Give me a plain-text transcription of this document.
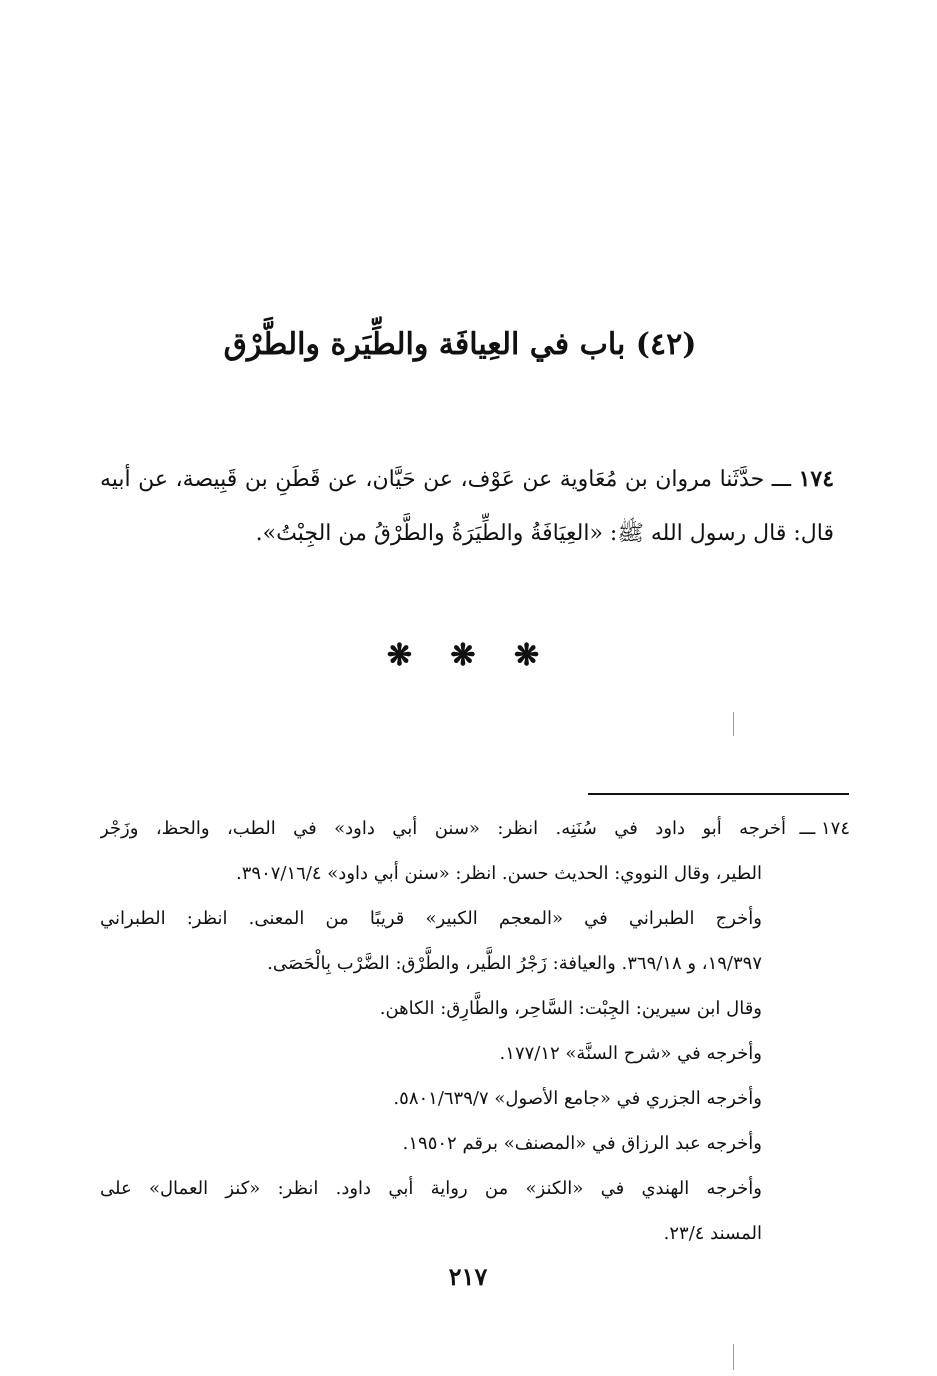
(٤٢) باب في العِيافَة والطِّيَرة والطَّرْق
١٧٤ ـــ حدَّثَنا مروان بن مُعَاوية عن عَوْف، عن حَيَّان، عن قَطَنِ بن قَبِيصة، عن أبيه قال: قال رسول الله ﷺ: «العِيَافَةُ والطِّيَرَةُ والطَّرْقُ من الجِبْتُ».
❋ ❋ ❋
١٧٤ ـــ
أخرجه أبو داود في سُنَنِه. انظر: «سنن أبي داود» في الطب، والحظ، وزَجْر
الطير، وقال النووي: الحديث حسن. انظر: «سنن أبي داود» ٣٩٠٧/١٦/٤.
وأخرج الطبراني في «المعجم الكبير» قريبًا من المعنى. انظر: الطبراني
١٩/٣٩٧، و ٣٦٩/١٨. والعيافة: زَجْرُ الطَّير، والطَّرْق: الضَّرْب بِالْحَصَى.
وقال ابن سيرين: الجِبْت: السَّاحِر، والطَّارِق: الكاهن.
وأخرجه في «شرح السنَّة» ١٧٧/١٢.
وأخرجه الجزري في «جامع الأصول» ٥٨٠١/٦٣٩/٧.
وأخرجه عبد الرزاق في «المصنف» برقم ١٩٥٠٢.
وأخرجه الهندي في «الكنز» من رواية أبي داود. انظر: «كنز العمال» على
المسند ٢٣/٤.
٢١٧
